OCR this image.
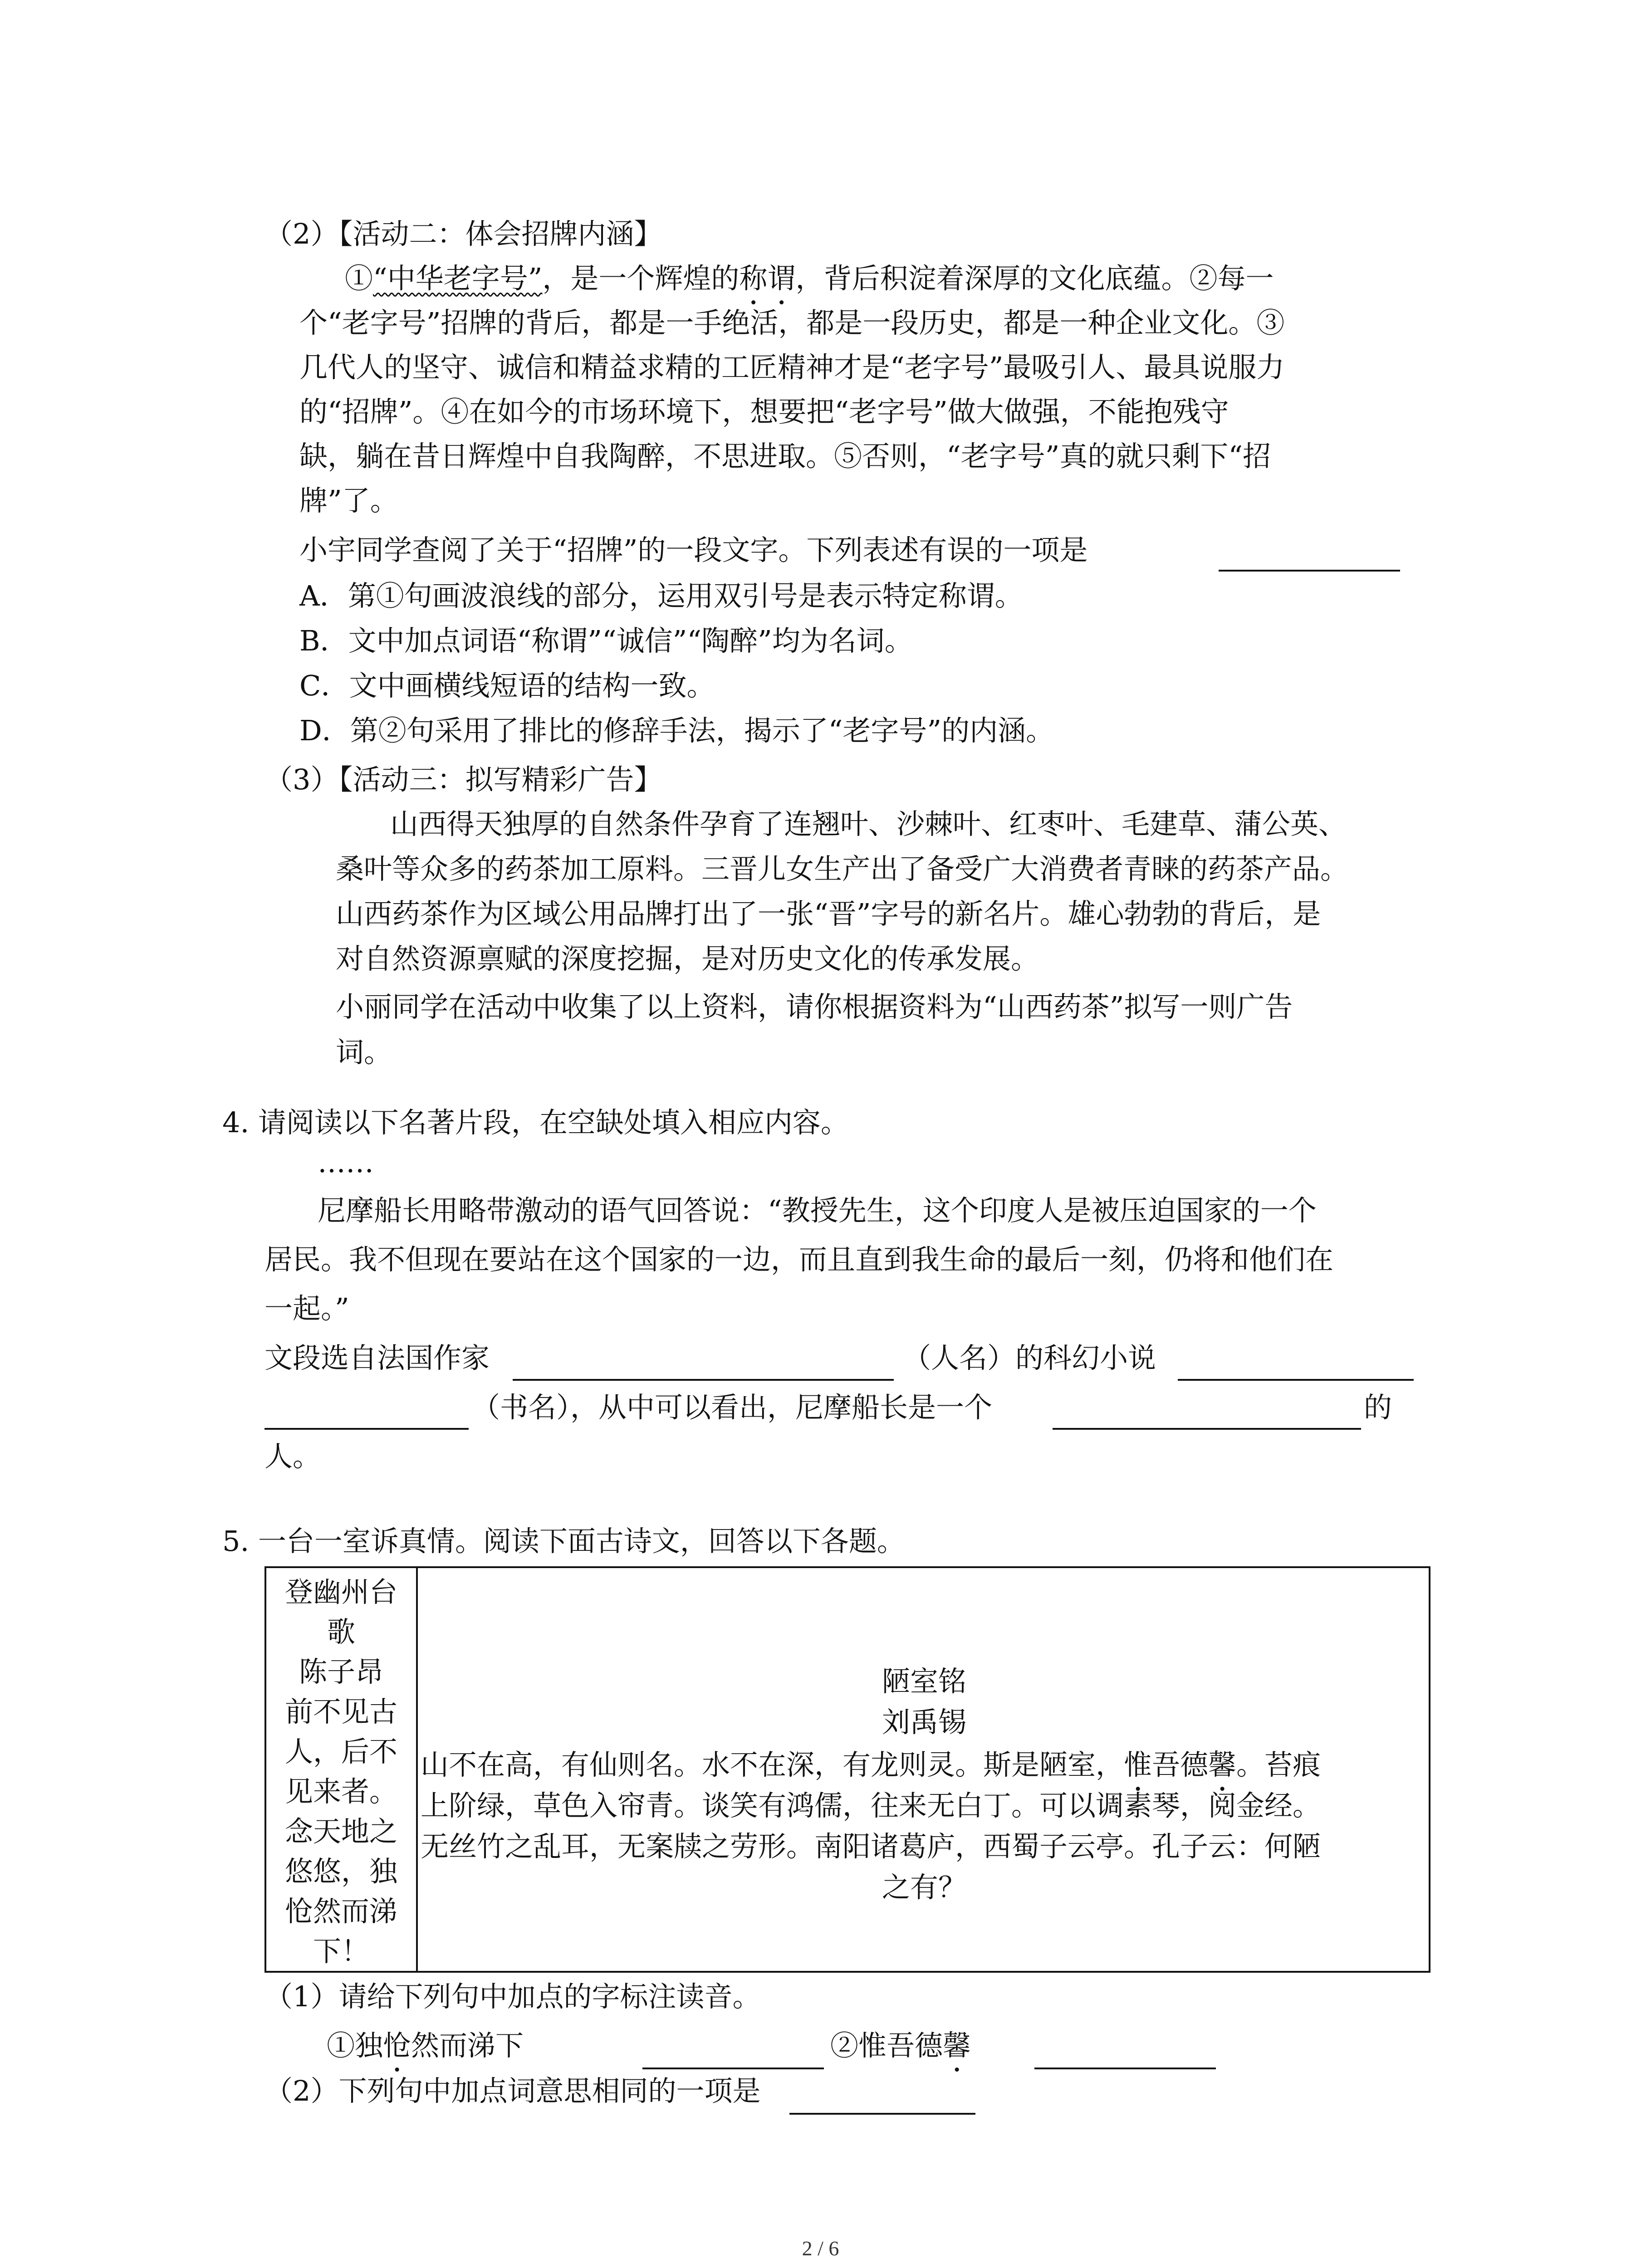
（2）【活动二：体会招牌内涵】
①“中华老字号”，是一个辉煌的称谓，背后积淀着深厚的文化底蕴。②每一
个“老字号”招牌的背后，都是一手绝活，都是一段历史，都是一种企业文化。③
几代人的坚守、诚信和精益求精的工匠精神才是“老字号”最吸引人、最具说服力
的“招牌”。④在如今的市场环境下，想要把“老字号”做大做强，不能抱残守
缺，躺在昔日辉煌中自我陶醉，不思进取。⑤否则，“老字号”真的就只剩下“招
牌”了。
小宇同学查阅了关于“招牌”的一段文字。下列表述有误的一项是
A．第①句画波浪线的部分，运用双引号是表示特定称谓。
B．文中加点词语“称谓”“诚信”“陶醉”均为名词。
C．文中画横线短语的结构一致。
D．第②句采用了排比的修辞手法，揭示了“老字号”的内涵。
（3）【活动三：拟写精彩广告】
山西得天独厚的自然条件孕育了连翘叶、沙棘叶、红枣叶、毛建草、蒲公英、
桑叶等众多的药茶加工原料。三晋儿女生产出了备受广大消费者青睐的药茶产品。
山西药茶作为区域公用品牌打出了一张“晋”字号的新名片。雄心勃勃的背后，是
对自然资源禀赋的深度挖掘，是对历史文化的传承发展。
小丽同学在活动中收集了以上资料，请你根据资料为“山西药茶”拟写一则广告
词。
4. 请阅读以下名著片段，在空缺处填入相应内容。
……
尼摩船长用略带激动的语气回答说：“教授先生，这个印度人是被压迫国家的一个
居民。我不但现在要站在这个国家的一边，而且直到我生命的最后一刻，仍将和他们在
一起。”
文段选自法国作家	（人名）的科幻小说
（书名），从中可以看出，尼摩船长是一个	的
人。
5. 一台一室诉真情。阅读下面古诗文，回答以下各题。
登幽州台
歌
陈子昂
前不见古
人，后不
见来者。
念天地之
悠悠，独
怆然而涕
下！
陋室铭
刘禹锡
山不在高，有仙则名。水不在深，有龙则灵。斯是陋室，惟吾德馨。苔痕
上阶绿，草色入帘青。谈笑有鸿儒，往来无白丁。可以调素琴，阅金经。
无丝竹之乱耳，无案牍之劳形。南阳诸葛庐，西蜀子云亭。孔子云：何陋
之有？
（1）请给下列句中加点的字标注读音。
①独怆然而涕下	②惟吾德馨
（2）下列句中加点词意思相同的一项是
2 / 6
